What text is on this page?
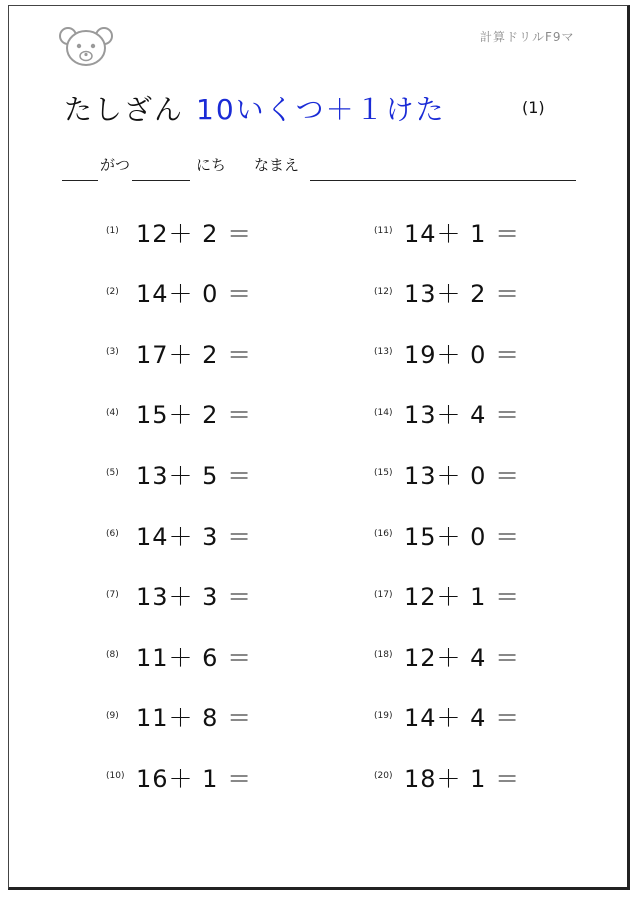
計算ドリルF9マ
たしざん 10いくつ＋１けた	(1)
がつ	にち なまえ
(1) 12＋ 2 ＝
(2) 14＋ 0 ＝
(3) 17＋ 2 ＝
(4) 15＋ 2 ＝
(5) 13＋ 5 ＝
(6) 14＋ 3 ＝
(7) 13＋ 3 ＝
(8) 11＋ 6 ＝
(9) 11＋ 8 ＝
(10) 16＋ 1 ＝
(11) 14＋ 1 ＝
(12) 13＋ 2 ＝
(13) 19＋ 0 ＝
(14) 13＋ 4 ＝
(15) 13＋ 0 ＝
(16) 15＋ 0 ＝
(17) 12＋ 1 ＝
(18) 12＋ 4 ＝
(19) 14＋ 4 ＝
(20) 18＋ 1 ＝
